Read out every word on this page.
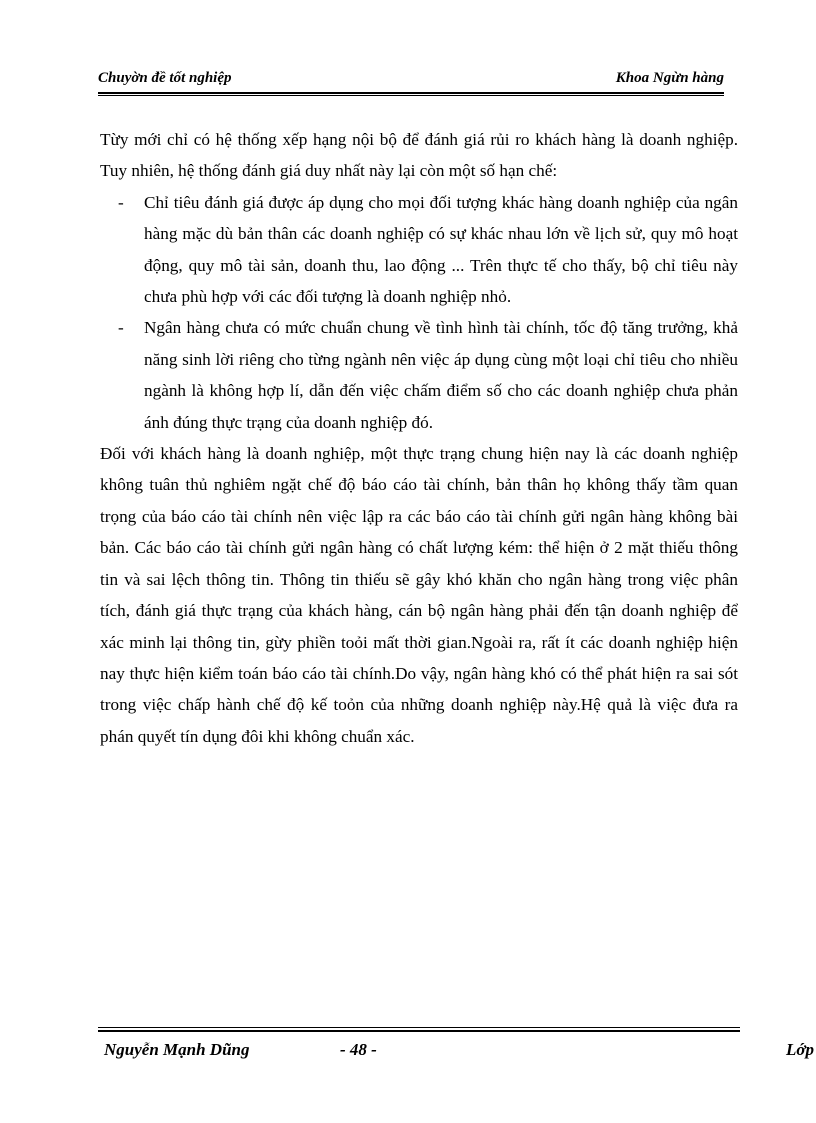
Chuyờn đề tốt nghiệp	Khoa Ngừn hàng

Từy mới chỉ có hệ thống xếp hạng nội bộ để đánh giá rủi ro khách hàng là doanh nghiệp. Tuy nhiên, hệ thống đánh giá duy nhất này lại còn một số hạn chế:

- Chỉ tiêu đánh giá được áp dụng cho mọi đối tượng khác hàng doanh nghiệp của ngân hàng mặc dù bản thân các doanh nghiệp có sự khác nhau lớn về lịch sử, quy mô hoạt động, quy mô tài sản, doanh thu, lao động ... Trên thực tế cho thấy, bộ chỉ tiêu này chưa phù hợp với các đối tượng là doanh nghiệp nhỏ.

- Ngân hàng chưa có mức chuẩn chung về tình hình tài chính, tốc độ tăng trưởng, khả năng sinh lời riêng cho từng ngành nên việc áp dụng cùng một loại chỉ tiêu cho nhiều ngành là không hợp lí, dẫn đến việc chấm điểm số cho các doanh nghiệp chưa phản ánh đúng thực trạng của doanh nghiệp đó.

Đối với khách hàng là doanh nghiệp, một thực trạng chung hiện nay là các doanh nghiệp không tuân thủ nghiêm ngặt chế độ báo cáo tài chính, bản thân họ không thấy tầm quan trọng của báo cáo tài chính nên việc lập ra các báo cáo tài chính gửi ngân hàng không bài bản. Các báo cáo tài chính gửi ngân hàng có chất lượng kém: thể hiện ở 2 mặt thiếu thông tin và sai lệch thông tin. Thông tin thiếu sẽ gây khó khăn cho ngân hàng trong việc phân tích, đánh giá thực trạng của khách hàng, cán bộ ngân hàng phải đến tận doanh nghiệp để xác minh lại thông tin, gừy phiền toỏi mất thời gian.Ngoài ra, rất ít các doanh nghiệp hiện nay thực hiện kiểm toán báo cáo tài chính.Do vậy, ngân hàng khó có thể phát hiện ra sai sót trong việc chấp hành chế độ kế toỏn của những doanh nghiệp này.Hệ quả là việc đưa ra phán quyết tín dụng đôi khi không chuẩn xác.

Nguyễn Mạnh Dũng	- 48 -	Lớp
